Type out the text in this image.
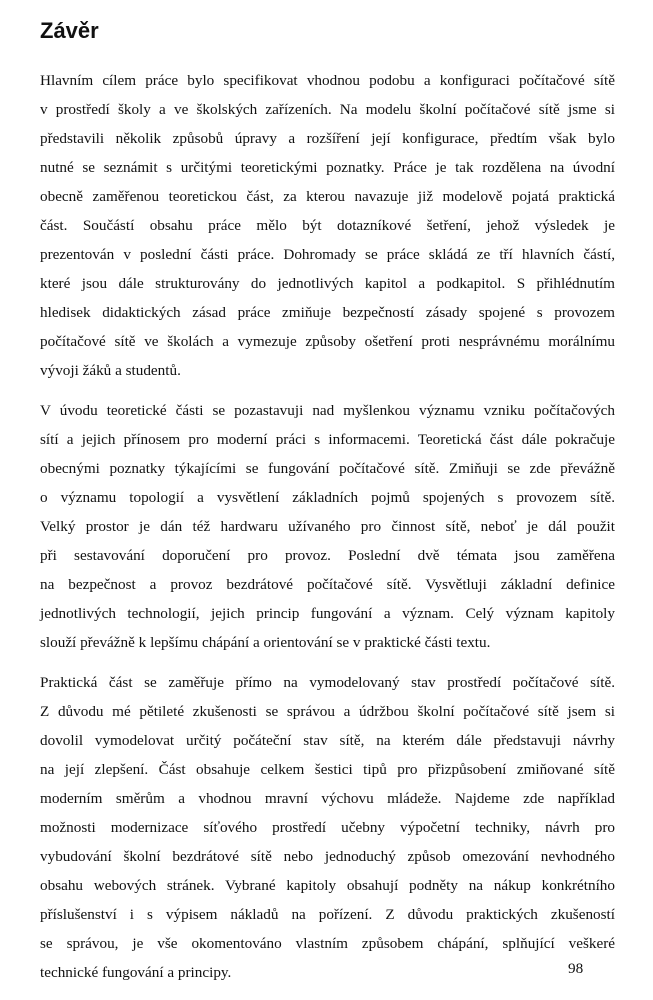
Závěr

Hlavním cílem práce bylo specifikovat vhodnou podobu a konfiguraci počítačové sítě
v prostředí školy a ve školských zařízeních. Na modelu školní počítačové sítě jsme si
představili několik způsobů úpravy a rozšíření její konfigurace, předtím však bylo
nutné se seznámit s určitými teoretickými poznatky. Práce je tak rozdělena na úvodní
obecně zaměřenou teoretickou část, za kterou navazuje již modelově pojatá praktická
část. Součástí obsahu práce mělo být dotazníkové šetření, jehož výsledek je
prezentován v poslední části práce. Dohromady se práce skládá ze tří hlavních částí,
které jsou dále strukturovány do jednotlivých kapitol a podkapitol. S přihlédnutím
hledisek didaktických zásad práce zmiňuje bezpečností zásady spojené s provozem
počítačové sítě ve školách a vymezuje způsoby ošetření proti nesprávnému morálnímu
vývoji žáků a studentů.

V úvodu teoretické části se pozastavuji nad myšlenkou významu vzniku počítačových
sítí a jejich přínosem pro moderní práci s informacemi. Teoretická část dále pokračuje
obecnými poznatky týkajícími se fungování počítačové sítě. Zmiňuji se zde převážně
o významu topologií a vysvětlení základních pojmů spojených s provozem sítě.
Velký prostor je dán též hardwaru užívaného pro činnost sítě, neboť je dál použit
při sestavování doporučení pro provoz. Poslední dvě témata jsou zaměřena
na bezpečnost a provoz bezdrátové počítačové sítě. Vysvětluji základní definice
jednotlivých technologií, jejich princip fungování a význam. Celý význam kapitoly
slouží převážně k lepšímu chápání a orientování se v praktické části textu.

Praktická část se zaměřuje přímo na vymodelovaný stav prostředí počítačové sítě.
Z důvodu mé pětileté zkušenosti se správou a údržbou školní počítačové sítě jsem si
dovolil vymodelovat určitý počáteční stav sítě, na kterém dále představuji návrhy
na její zlepšení. Část obsahuje celkem šestici tipů pro přizpůsobení zmiňované sítě
moderním směrům a vhodnou mravní výchovu mládeže. Najdeme zde například
možnosti modernizace síťového prostředí učebny výpočetní techniky, návrh pro
vybudování školní bezdrátové sítě nebo jednoduchý způsob omezování nevhodného
obsahu webových stránek. Vybrané kapitoly obsahují podněty na nákup konkrétního
příslušenství i s výpisem nákladů na pořízení. Z důvodu praktických zkušeností
se správou, je vše okomentováno vlastním způsobem chápání, splňující veškeré
technické fungování a principy.	98
